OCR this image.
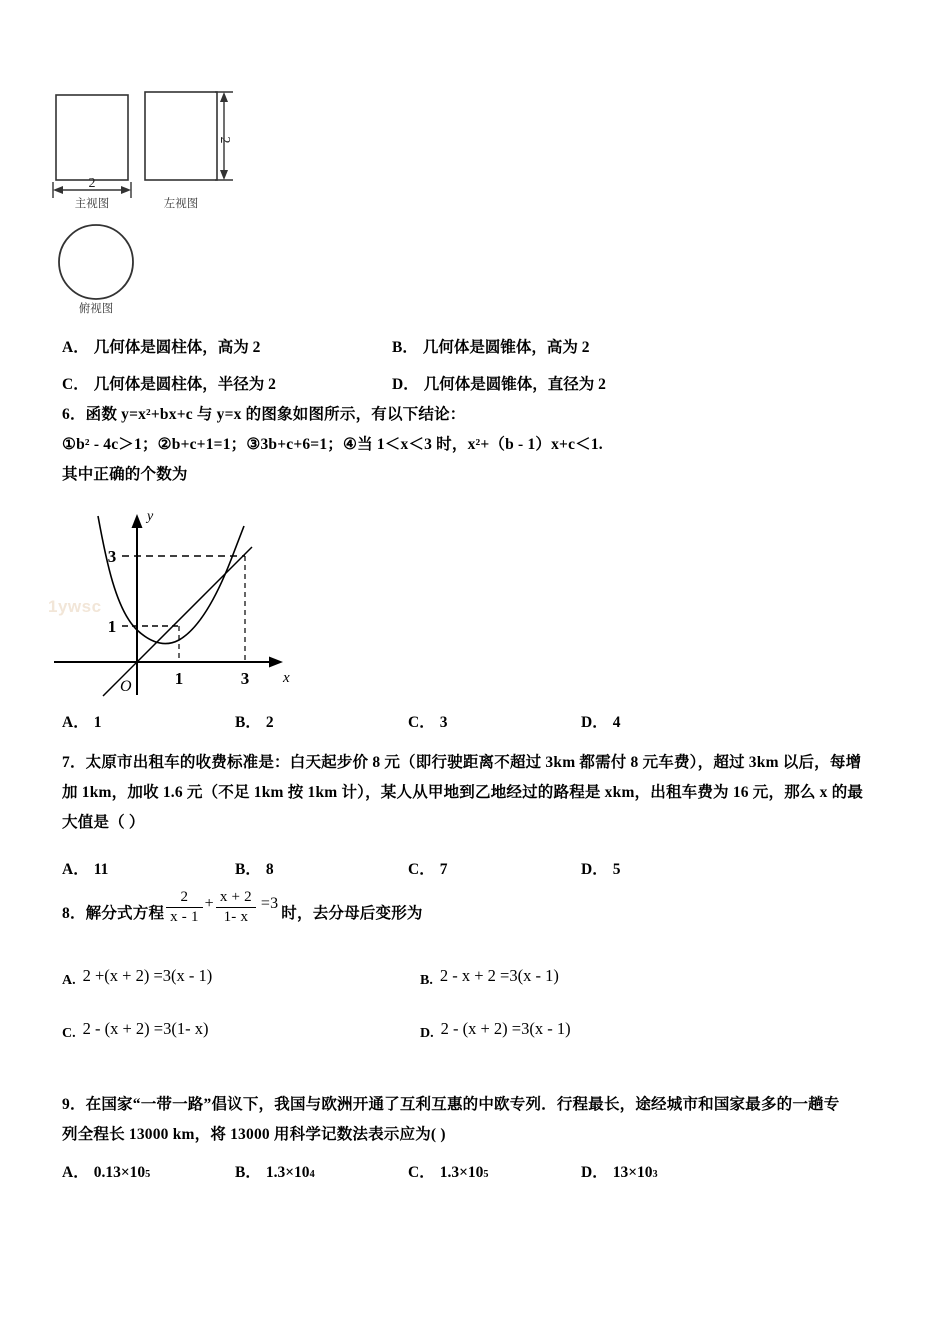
2
2
主视图	左视图
俯视图
A． 几何体是圆柱体，高为 2	B． 几何体是圆锥体，高为 2
C． 几何体是圆柱体，半径为 2	D． 几何体是圆锥体，直径为 2
6．函数 y=x²+bx+c 与 y=x 的图象如图所示，有以下结论：
①b² - 4c＞1；②b+c+1=1；③3b+c+6=1；④当 1＜x＜3 时，x²+（b - 1）x+c＜1.
其中正确的个数为
3
1
1	3
y
x
O
1ywsc
A． 1	B． 2	C． 3	D． 4
7．太原市出租车的收费标准是：白天起步价 8 元（即行驶距离不超过 3km 都需付 8 元车费），超过 3km 以后，每增
加 1km，加收 1.6 元（不足 1km 按 1km 计），某人从甲地到乙地经过的路程是 xkm，出租车费为 16 元，那么 x 的最
大值是（ ）
A． 11	B． 8	C． 7	D． 5
8．解分式方程 $\frac{2}{x - 1} + \frac{x + 2}{1- x} =3$
时，去分母后变形为
A. 2 +(x + 2) =3(x - 1)	B. 2 - x + 2 =3(x - 1)
C. 2 - (x + 2) =3(1- x)	D. 2 - (x + 2) =3(x - 1)
9．在国家“一带一路”倡议下，我国与欧洲开通了互利互惠的中欧专列．行程最长，途经城市和国家最多的一趟专
列全程长 13000 km，将 13000 用科学记数法表示应为( )
A． 0.13×10 5	B． 1.3×10 4	C． 1.3×10 5	D． 13×10 3
